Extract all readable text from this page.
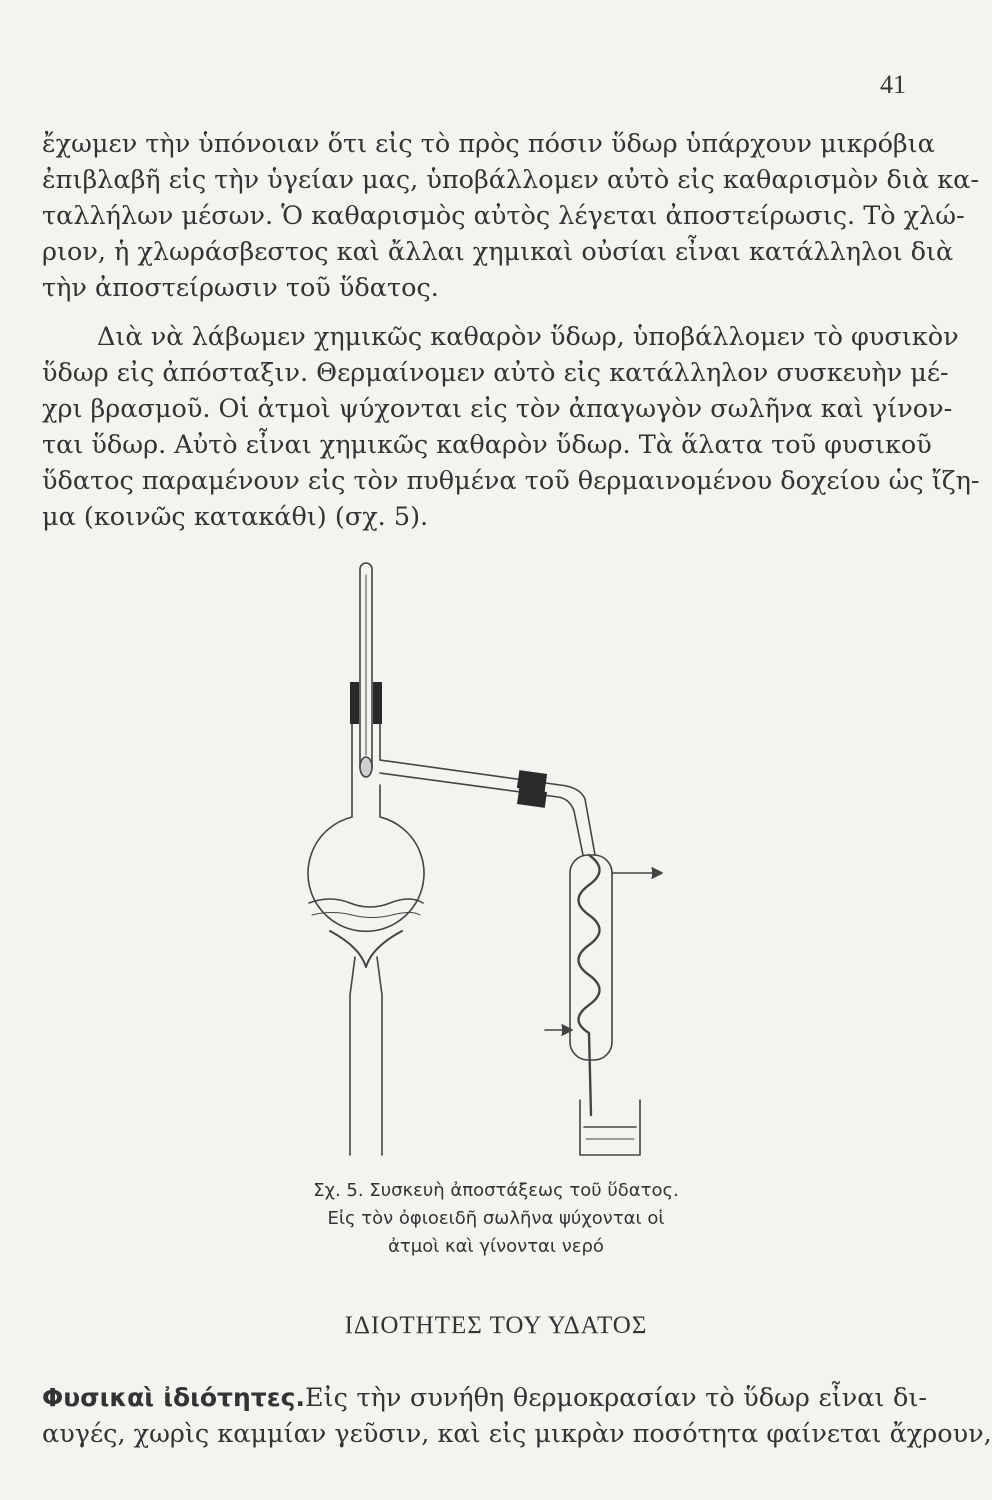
41
ἔχωμεν τὴν ὑπόνοιαν ὅτι εἰς τὸ πρὸς πόσιν ὕδωρ ὑπάρχουν μικρόβια
ἐπιβλαβῆ εἰς τὴν ὑγείαν μας, ὑποβάλλομεν αὐτὸ εἰς καθαρισμὸν διὰ κα-
ταλλήλων μέσων. Ὁ καθαρισμὸς αὐτὸς λέγεται ἀποστείρωσις. Τὸ χλώ-
ριον, ἡ χλωράσβεστος καὶ ἄλλαι χημικαὶ οὐσίαι εἶναι κατάλληλοι διὰ
τὴν ἀποστείρωσιν τοῦ ὕδατος.
Διὰ νὰ λάβωμεν χημικῶς καθαρὸν ὕδωρ, ὑποβάλλομεν τὸ φυσικὸν
ὕδωρ εἰς ἀπόσταξιν. Θερμαίνομεν αὐτὸ εἰς κατάλληλον συσκευὴν μέ-
χρι βρασμοῦ. Οἱ ἀτμοὶ ψύχονται εἰς τὸν ἀπαγωγὸν σωλῆνα καὶ γίνον-
ται ὕδωρ. Αὐτὸ εἶναι χημικῶς καθαρὸν ὕδωρ. Τὰ ἅλατα τοῦ φυσικοῦ
ὕδατος παραμένουν εἰς τὸν πυθμένα τοῦ θερμαινομένου δοχείου ὡς ἴζη-
μα (κοινῶς κατακάθι) (σχ. 5).
Σχ. 5. Συσκευὴ ἀποστάξεως τοῦ ὕδατος.
Εἰς τὸν ὀφιοειδῆ σωλῆνα ψύχονται οἱ
ἀτμοὶ καὶ γίνονται νερό
ΙΔΙΟΤΗΤΕΣ ΤΟΥ ΥΔΑΤΟΣ
Φυσικαὶ ἰδιότητες.Εἰς τὴν συνήθη θερμοκρασίαν τὸ ὕδωρ εἶναι δι-
αυγές, χωρὶς καμμίαν γεῦσιν, καὶ εἰς μικρὰν ποσότητα φαίνεται ἄχρουν,
